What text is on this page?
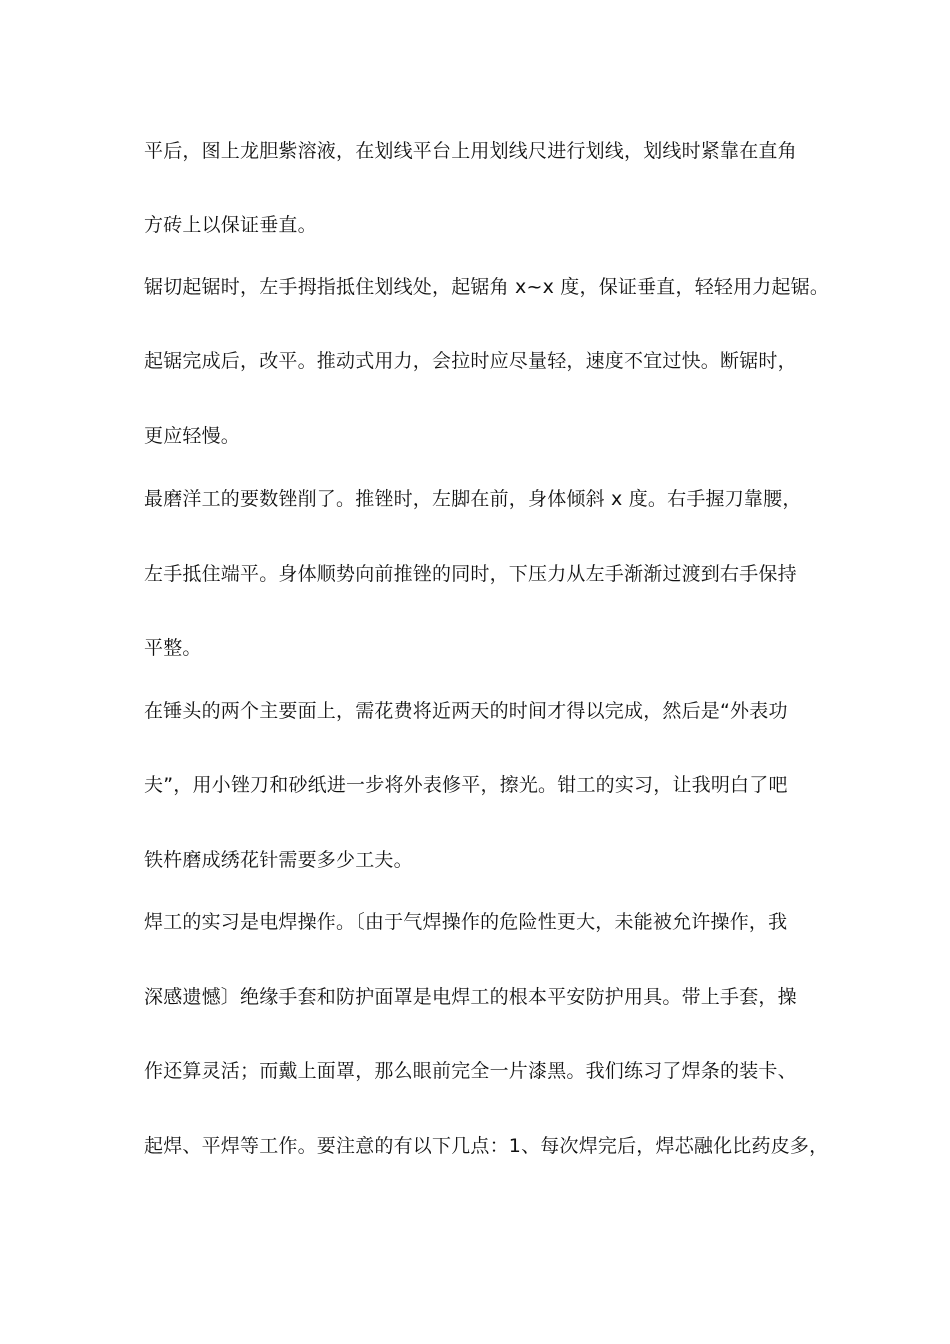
平后，图上龙胆紫溶液，在划线平台上用划线尺进行划线，划线时紧靠在直角
方砖上以保证垂直。
锯切起锯时，左手拇指抵住划线处，起锯角 x~x 度，保证垂直，轻轻用力起锯。
起锯完成后，改平。推动式用力，会拉时应尽量轻，速度不宜过快。断锯时，
更应轻慢。
最磨洋工的要数锉削了。推锉时，左脚在前，身体倾斜 x 度。右手握刀靠腰，
左手抵住端平。身体顺势向前推锉的同时，下压力从左手渐渐过渡到右手保持
平整。
在锤头的两个主要面上，需花费将近两天的时间才得以完成，然后是“外表功
夫”，用小锉刀和砂纸进一步将外表修平，擦光。钳工的实习，让我明白了吧
铁杵磨成绣花针需要多少工夫。
焊工的实习是电焊操作。〔由于气焊操作的危险性更大，未能被允许操作，我
深感遗憾〕绝缘手套和防护面罩是电焊工的根本平安防护用具。带上手套，操
作还算灵活；而戴上面罩，那么眼前完全一片漆黑。我们练习了焊条的装卡、
起焊、平焊等工作。要注意的有以下几点：1、每次焊完后，焊芯融化比药皮多，
